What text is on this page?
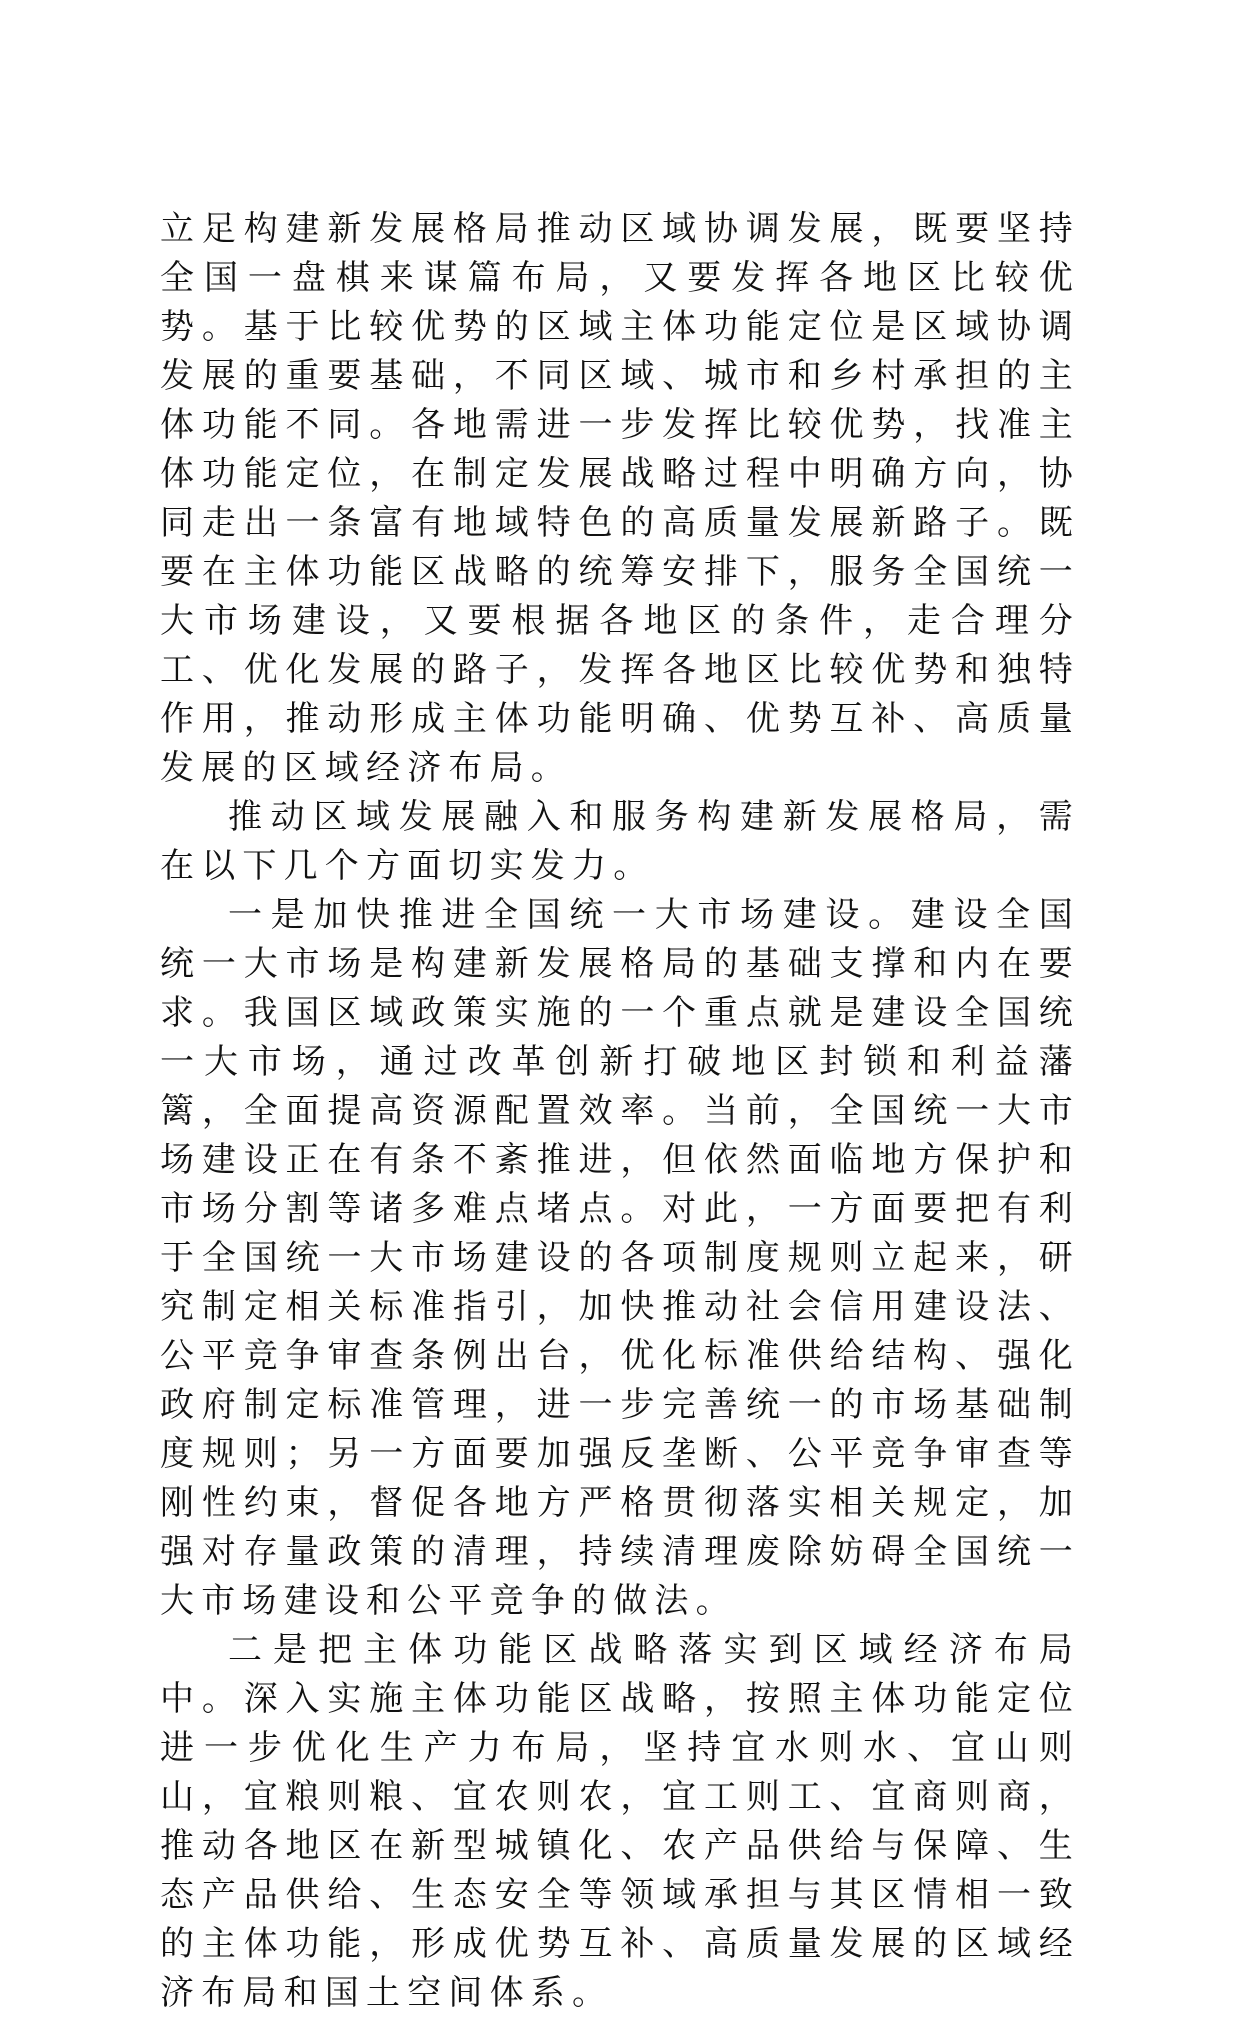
立足构建新发展格局推动区域协调发展，既要坚持全国一盘棋来谋篇布局，又要发挥各地区比较优势。基于比较优势的区域主体功能定位是区域协调发展的重要基础，不同区域、城市和乡村承担的主体功能不同。各地需进一步发挥比较优势，找准主体功能定位，在制定发展战略过程中明确方向，协同走出一条富有地域特色的高质量发展新路子。既要在主体功能区战略的统筹安排下，服务全国统一大市场建设，又要根据各地区的条件，走合理分工、优化发展的路子，发挥各地区比较优势和独特作用，推动形成主体功能明确、优势互补、高质量发展的区域经济布局。

推动区域发展融入和服务构建新发展格局，需在以下几个方面切实发力。

一是加快推进全国统一大市场建设。建设全国统一大市场是构建新发展格局的基础支撑和内在要求。我国区域政策实施的一个重点就是建设全国统一大市场，通过改革创新打破地区封锁和利益藩篱，全面提高资源配置效率。当前，全国统一大市场建设正在有条不紊推进，但依然面临地方保护和市场分割等诸多难点堵点。对此，一方面要把有利于全国统一大市场建设的各项制度规则立起来，研究制定相关标准指引，加快推动社会信用建设法、公平竞争审查条例出台，优化标准供给结构、强化政府制定标准管理，进一步完善统一的市场基础制度规则；另一方面要加强反垄断、公平竞争审查等刚性约束，督促各地方严格贯彻落实相关规定，加强对存量政策的清理，持续清理废除妨碍全国统一大市场建设和公平竞争的做法。

二是把主体功能区战略落实到区域经济布局中。深入实施主体功能区战略，按照主体功能定位进一步优化生产力布局，坚持宜水则水、宜山则山，宜粮则粮、宜农则农，宜工则工、宜商则商，推动各地区在新型城镇化、农产品供给与保障、生态产品供给、生态安全等领域承担与其区情相一致的主体功能，形成优势互补、高质量发展的区域经济布局和国土空间体系。
